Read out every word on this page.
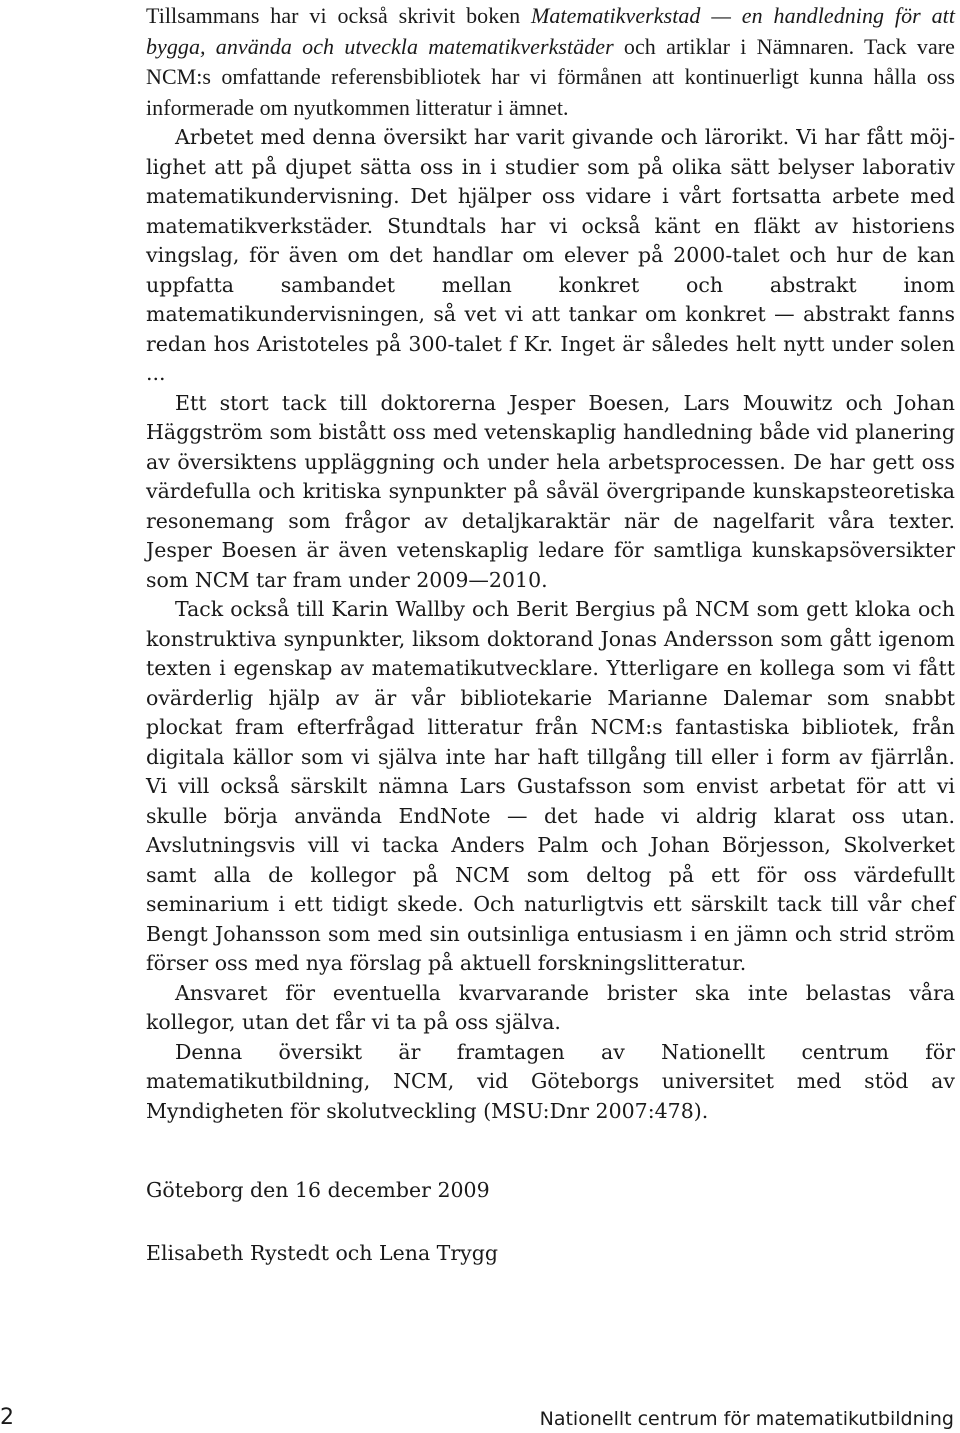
Tillsammans har vi också skrivit boken Matematikverkstad — en handledning för att bygga, använda och utveckla matematikverkstäder och artiklar i Nämnaren. Tack vare NCM:s omfattande referensbibliotek har vi förmånen att kontinuerligt kunna hålla oss informerade om nyutkommen litteratur i ämnet.

Arbetet med denna översikt har varit givande och lärorikt. Vi har fått möjlighet att på djupet sätta oss in i studier som på olika sätt belyser laborativ matematikundervisning. Det hjälper oss vidare i vårt fortsatta arbete med matematikverkstäder. Stundtals har vi också känt en fläkt av historiens vingslag, för även om det handlar om elever på 2000-talet och hur de kan uppfatta sambandet mellan konkret och abstrakt inom matematikundervisningen, så vet vi att tankar om konkret — abstrakt fanns redan hos Aristoteles på 300-talet f Kr. Inget är således helt nytt under solen ...

Ett stort tack till doktorerna Jesper Boesen, Lars Mouwitz och Johan Häggström som bistått oss med vetenskaplig handledning både vid planering av översiktens uppläggning och under hela arbetsprocessen. De har gett oss värdefulla och kritiska synpunkter på såväl övergripande kunskapsteoretiska resonemang som frågor av detaljkaraktär när de nagelfarit våra texter. Jesper Boesen är även vetenskaplig ledare för samtliga kunskapsöversikter som NCM tar fram under 2009—2010.

Tack också till Karin Wallby och Berit Bergius på NCM som gett kloka och konstruktiva synpunkter, liksom doktorand Jonas Andersson som gått igenom texten i egenskap av matematikutvecklare. Ytterligare en kollega som vi fått ovärderlig hjälp av är vår bibliotekarie Marianne Dalemar som snabbt plockat fram efterfrågad litteratur från NCM:s fantastiska bibliotek, från digitala källor som vi själva inte har haft tillgång till eller i form av fjärrlån. Vi vill också särskilt nämna Lars Gustafsson som envist arbetat för att vi skulle börja använda EndNote — det hade vi aldrig klarat oss utan. Avslutningsvis vill vi tacka Anders Palm och Johan Börjesson, Skolverket samt alla de kollegor på NCM som deltog på ett för oss värdefullt seminarium i ett tidigt skede. Och naturligtvis ett särskilt tack till vår chef Bengt Johansson som med sin outsinliga entusiasm i en jämn och strid ström förser oss med nya förslag på aktuell forskningslitteratur.

Ansvaret för eventuella kvarvarande brister ska inte belastas våra kollegor, utan det får vi ta på oss själva.

Denna översikt är framtagen av Nationellt centrum för matematikutbildning, NCM, vid Göteborgs universitet med stöd av Myndigheten för skolutveckling (MSU:Dnr 2007:478).

Göteborg den 16 december 2009

Elisabeth Rystedt och Lena Trygg

2	Nationellt centrum för matematikutbildning
